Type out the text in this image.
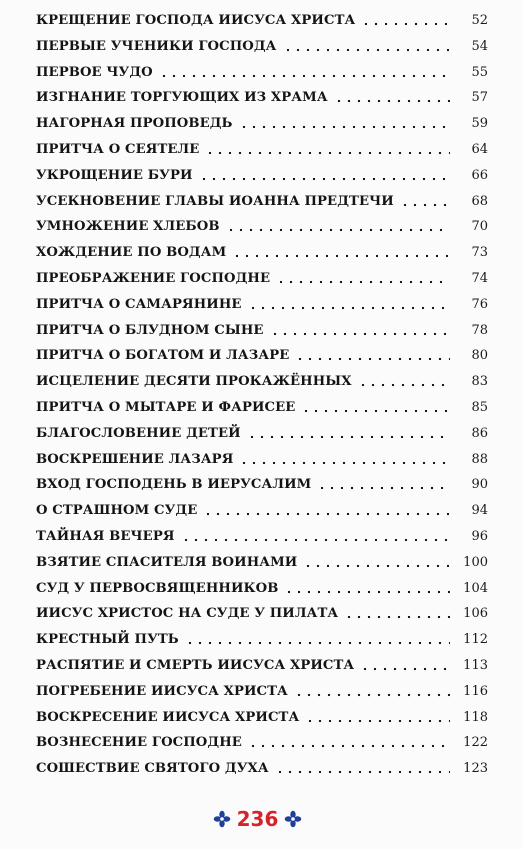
КРЕЩЕНИЕ ГОСПОДА ИИСУСА ХРИСТА	52
ПЕРВЫЕ УЧЕНИКИ ГОСПОДА	54
ПЕРВОЕ ЧУДО	55
ИЗГНАНИЕ ТОРГУЮЩИХ ИЗ ХРАМА	57
НАГОРНАЯ ПРОПОВЕДЬ	59
ПРИТЧА О СЕЯТЕЛЕ	64
УКРОЩЕНИЕ БУРИ	66
УСЕКНОВЕНИЕ ГЛАВЫ ИОАННА ПРЕДТЕЧИ	68
УМНОЖЕНИЕ ХЛЕБОВ	70
ХОЖДЕНИЕ ПО ВОДАМ	73
ПРЕОБРАЖЕНИЕ ГОСПОДНЕ	74
ПРИТЧА О САМАРЯНИНЕ	76
ПРИТЧА О БЛУДНОМ СЫНЕ	78
ПРИТЧА О БОГАТОМ И ЛАЗАРЕ	80
ИСЦЕЛЕНИЕ ДЕСЯТИ ПРОКАЖЁННЫХ	83
ПРИТЧА О МЫТАРЕ И ФАРИСЕЕ	85
БЛАГОСЛОВЕНИЕ ДЕТЕЙ	86
ВОСКРЕШЕНИЕ ЛАЗАРЯ	88
ВХОД ГОСПОДЕНЬ В ИЕРУСАЛИМ	90
О СТРАШНОМ СУДЕ	94
ТАЙНАЯ ВЕЧЕРЯ	96
ВЗЯТИЕ СПАСИТЕЛЯ ВОИНАМИ	100
СУД У ПЕРВОСВЯЩЕННИКОВ	104
ИИСУС ХРИСТОС НА СУДЕ У ПИЛАТА	106
КРЕСТНЫЙ ПУТЬ	112
РАСПЯТИЕ И СМЕРТЬ ИИСУСА ХРИСТА	113
ПОГРЕБЕНИЕ ИИСУСА ХРИСТА	116
ВОСКРЕСЕНИЕ ИИСУСА ХРИСТА	118
ВОЗНЕСЕНИЕ ГОСПОДНЕ	122
СОШЕСТВИЕ СВЯТОГО ДУХА	123
236
